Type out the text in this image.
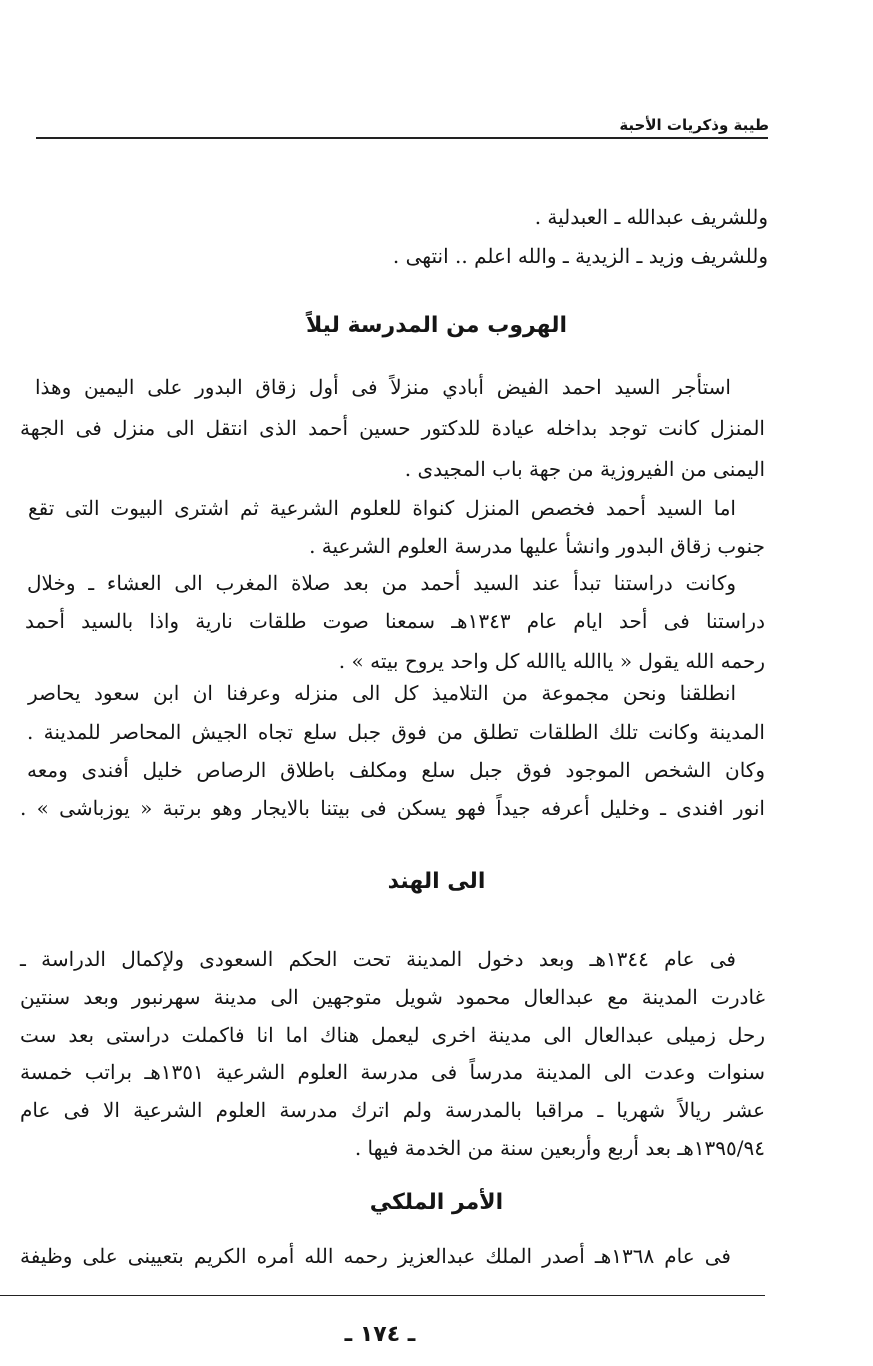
طيبة وذكريات الأحبة
وللشريف عبدالله ـ العبدلية .
وللشريف وزيد ـ الزيدية ـ والله اعلم .. انتهى .
الهروب من المدرسة ليلاً
استأجر السيد احمد الفيض أبادي منزلاً فى أول زقاق البدور على اليمين وهذا
المنزل كانت توجد بداخله عيادة للدكتور حسين أحمد الذى انتقل الى منزل فى الجهة
اليمنى من الفيروزية من جهة باب المجيدى .
اما السيد أحمد فخصص المنزل كنواة للعلوم الشرعية ثم اشترى البيوت التى تقع
جنوب زقاق البدور وانشأ عليها مدرسة العلوم الشرعية .
وكانت دراستنا تبدأ عند السيد أحمد من بعد صلاة المغرب الى العشاء ـ وخلال
دراستنا فى أحد ايام عام ١٣٤٣هـ سمعنا صوت طلقات نارية واذا بالسيد أحمد
رحمه الله يقول « ياالله ياالله كل واحد يروح بيته » .
انطلقنا ونحن مجموعة من التلاميذ كل الى منزله وعرفنا ان ابن سعود يحاصر
المدينة وكانت تلك الطلقات تطلق من فوق جبل سلع تجاه الجيش المحاصر للمدينة .
وكان الشخص الموجود فوق جبل سلع ومكلف باطلاق الرصاص خليل أفندى ومعه
انور افندى ـ وخليل أعرفه جيداً فهو يسكن فى بيتنا بالايجار وهو برتبة « يوزباشى » .
الى الهند
فى عام ١٣٤٤هـ وبعد دخول المدينة تحت الحكم السعودى ولإكمال الدراسة ـ
غادرت المدينة مع عبدالعال محمود شويل متوجهين الى مدينة سهرنبور وبعد سنتين
رحل زميلى عبدالعال الى مدينة اخرى ليعمل هناك اما انا فاكملت دراستى بعد ست
سنوات وعدت الى المدينة مدرساً فى مدرسة العلوم الشرعية ١٣٥١هـ براتب خمسة
عشر ريالاً شهريا ـ مراقبا بالمدرسة ولم اترك مدرسة العلوم الشرعية الا فى عام
١٣٩٥/٩٤هـ بعد أربع وأربعين سنة من الخدمة فيها .
الأمر الملكي
فى عام ١٣٦٨هـ أصدر الملك عبدالعزيز رحمه الله أمره الكريم بتعيينى على وظيفة
ـ ١٧٤ ـ
